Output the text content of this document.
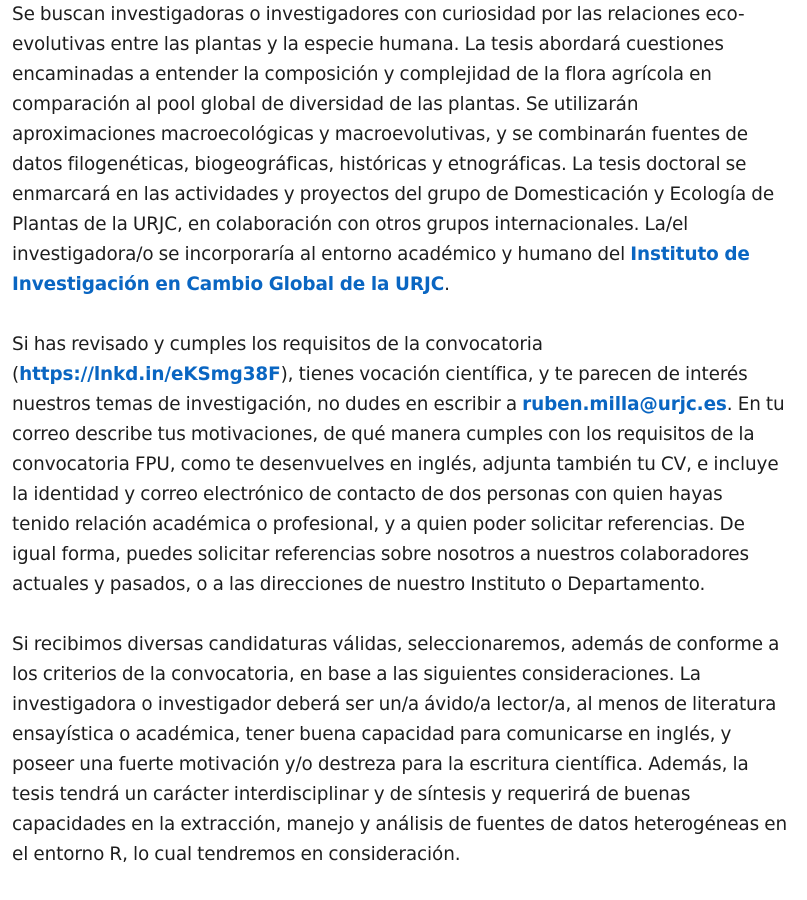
Se buscan investigadoras o investigadores con curiosidad por las relaciones eco-
evolutivas entre las plantas y la especie humana. La tesis abordará cuestiones
encaminadas a entender la composición y complejidad de la flora agrícola en
comparación al pool global de diversidad de las plantas. Se utilizarán
aproximaciones macroecológicas y macroevolutivas, y se combinarán fuentes de
datos filogenéticas, biogeográficas, históricas y etnográficas. La tesis doctoral se
enmarcará en las actividades y proyectos del grupo de Domesticación y Ecología de
Plantas de la URJC, en colaboración con otros grupos internacionales. La/el
investigadora/o se incorporaría al entorno académico y humano del Instituto de
Investigación en Cambio Global de la URJC.

Si has revisado y cumples los requisitos de la convocatoria
(https://lnkd.in/eKSmg38F), tienes vocación científica, y te parecen de interés
nuestros temas de investigación, no dudes en escribir a ruben.milla@urjc.es. En tu
correo describe tus motivaciones, de qué manera cumples con los requisitos de la
convocatoria FPU, como te desenvuelves en inglés, adjunta también tu CV, e incluye
la identidad y correo electrónico de contacto de dos personas con quien hayas
tenido relación académica o profesional, y a quien poder solicitar referencias. De
igual forma, puedes solicitar referencias sobre nosotros a nuestros colaboradores
actuales y pasados, o a las direcciones de nuestro Instituto o Departamento.

Si recibimos diversas candidaturas válidas, seleccionaremos, además de conforme a
los criterios de la convocatoria, en base a las siguientes consideraciones. La
investigadora o investigador deberá ser un/a ávido/a lector/a, al menos de literatura
ensayística o académica, tener buena capacidad para comunicarse en inglés, y
poseer una fuerte motivación y/o destreza para la escritura científica. Además, la
tesis tendrá un carácter interdisciplinar y de síntesis y requerirá de buenas
capacidades en la extracción, manejo y análisis de fuentes de datos heterogéneas en
el entorno R, lo cual tendremos en consideración.
